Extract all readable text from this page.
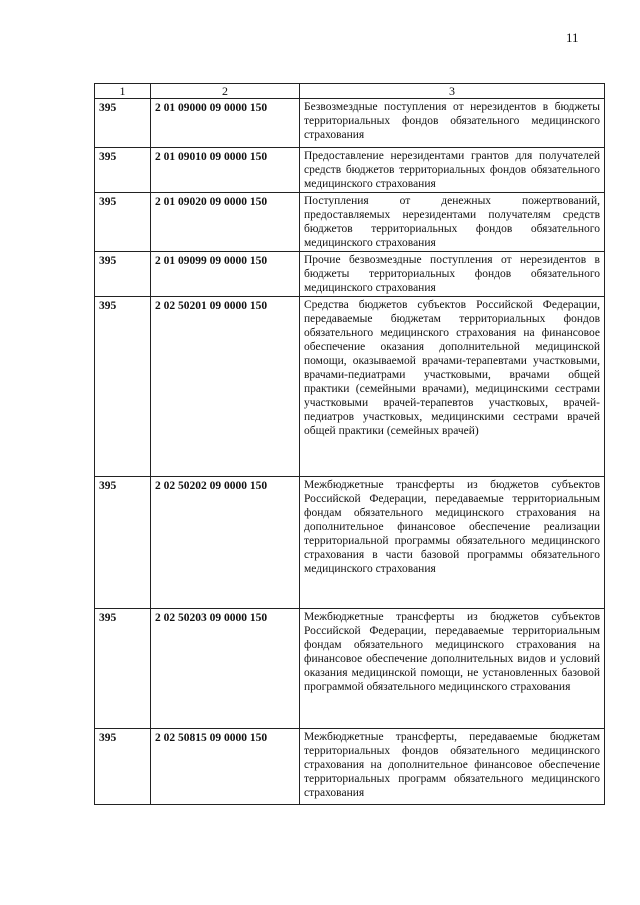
11
1	2	3
395	2 01 09000 09 0000 150	Безвозмездные поступления от нерезидентов в бюджеты территориальных фондов обязательного медицинского страхования
395	2 01 09010 09 0000 150	Предоставление нерезидентами грантов для получателей средств бюджетов территориальных фондов обязательного медицинского страхования
395	2 01 09020 09 0000 150	Поступления от денежных пожертвований, предоставляемых нерезидентами получателям средств бюджетов территориальных фондов обязательного медицинского страхования
395	2 01 09099 09 0000 150	Прочие безвозмездные поступления от нерезидентов в бюджеты территориальных фондов обязательного медицинского страхования
395	2 02 50201 09 0000 150	Средства бюджетов субъектов Российской Федерации, передаваемые бюджетам территориальных фондов обязательного медицинского страхования на финансовое обеспечение оказания дополнительной медицинской помощи, оказываемой врачами-терапевтами участковыми, врачами-педиатрами участковыми, врачами общей практики (семейными врачами), медицинскими сестрами участковыми врачей-терапевтов участковых, врачей-педиатров участковых, медицинскими сестрами врачей общей практики (семейных врачей)
395	2 02 50202 09 0000 150	Межбюджетные трансферты из бюджетов субъектов Российской Федерации, передаваемые территориальным фондам обязательного медицинского страхования на дополнительное финансовое обеспечение реализации территориальной программы обязательного медицинского страхования в части базовой программы обязательного медицинского страхования
395	2 02 50203 09 0000 150	Межбюджетные трансферты из бюджетов субъектов Российской Федерации, передаваемые территориальным фондам обязательного медицинского страхования на финансовое обеспечение дополнительных видов и условий оказания медицинской помощи, не установленных базовой программой обязательного медицинского страхования
395	2 02 50815 09 0000 150	Межбюджетные трансферты, передаваемые бюджетам территориальных фондов обязательного медицинского страхования на дополнительное финансовое обеспечение территориальных программ обязательного медицинского страхования
